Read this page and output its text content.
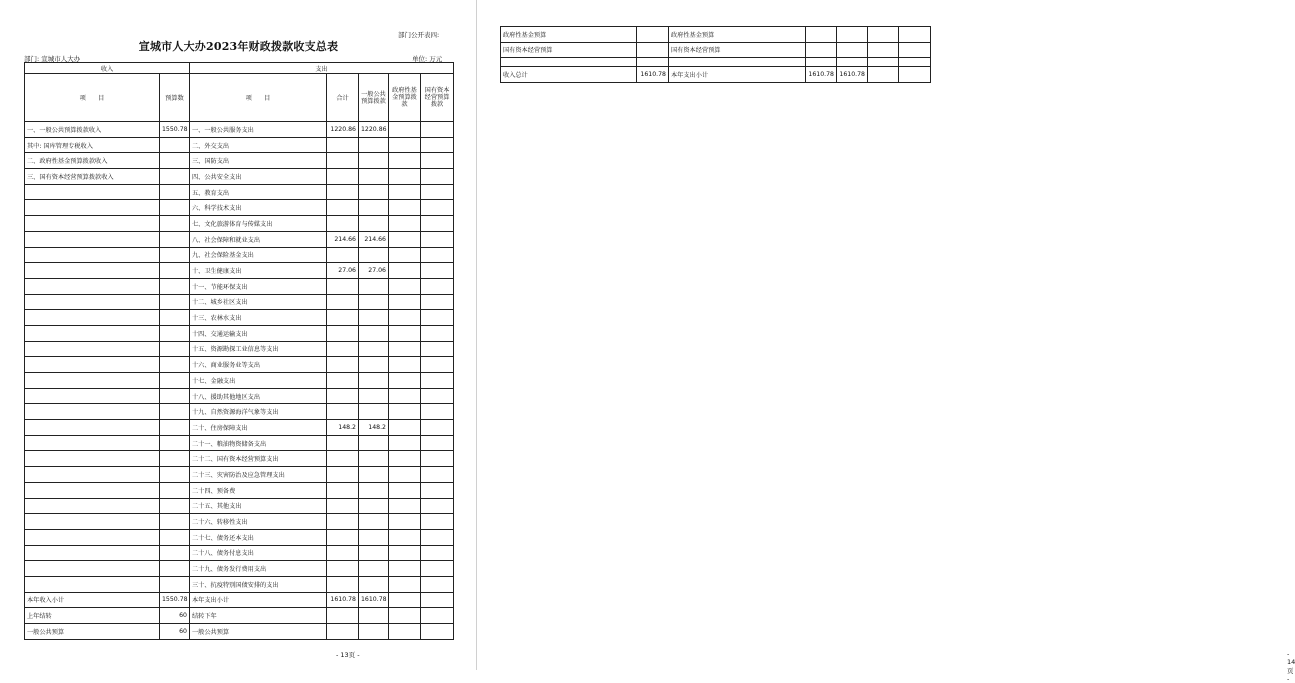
部门公开表四:
宣城市人大办2023年财政拨款收支总表
部门: 宣城市人大办	单位: 万元
收入		支出				
项　　目	预算数	项　　目	合计	一般公共预算拨款	政府性基金预算拨款	国有资本经营预算拨款
一、一般公共预算拨款收入	1550.78	一、一般公共服务支出	1220.86	1220.86		
其中: 国库管理专税收入		二、外交支出				
二、政府性基金预算拨款收入		三、国防支出				
三、国有资本经营预算拨款收入		四、公共安全支出				
		五、教育支出				
		六、科学技术支出				
		七、文化旅游体育与传媒支出				
		八、社会保障和就业支出	214.66	214.66		
		九、社会保险基金支出				
		十、卫生健康支出	27.06	27.06		
		十一、节能环保支出				
		十二、城乡社区支出				
		十三、农林水支出				
		十四、交通运输支出				
		十五、资源勘探工业信息等支出				
		十六、商业服务业等支出				
		十七、金融支出				
		十八、援助其他地区支出				
		十九、自然资源海洋气象等支出				
		二十、住房保障支出	148.2	148.2		
		二十一、粮油物资储备支出				
		二十二、国有资本经营预算支出				
		二十三、灾害防治及应急管理支出				
		二十四、预备费				
		二十五、其他支出				
		二十六、转移性支出				
		二十七、债务还本支出				
		二十八、债务付息支出				
		二十九、债务发行费用支出				
		三十、抗疫特别国债安排的支出				
本年收入小计	1550.78	本年支出小计	1610.78	1610.78		
上年结转	60	结转下年				
一般公共预算	60	一般公共预算				
- 13页 -	- 14页 -
政府性基金预算		政府性基金预算				
国有资本经营预算		国有资本经营预算				

收入总计	1610.78	本年支出小计	1610.78	1610.78		
